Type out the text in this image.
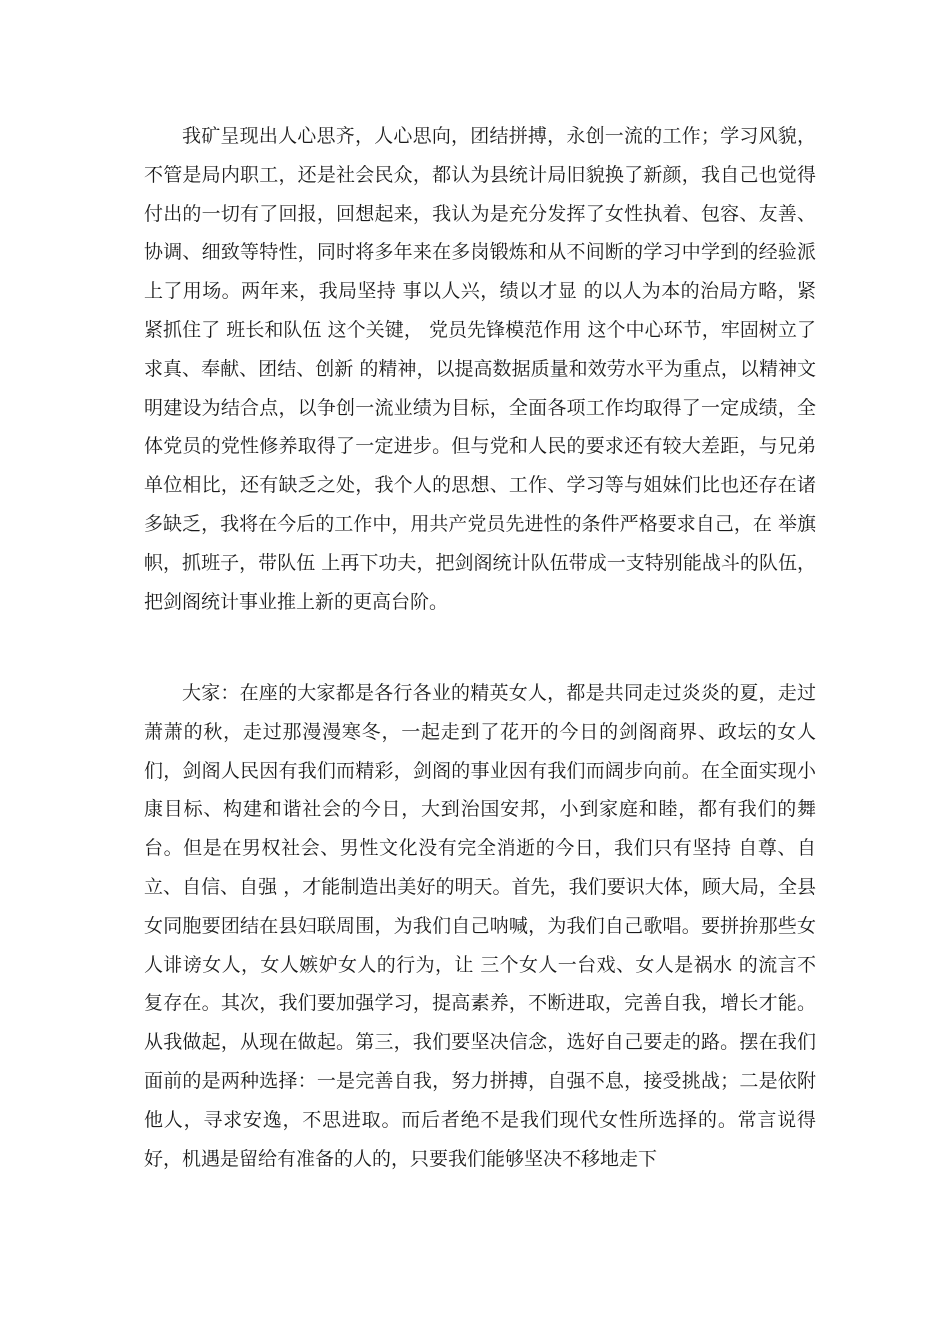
我矿呈现出人心思齐，人心思向，团结拼搏，永创一流的工作；学习风貌，不管是局内职工，还是社会民众，都认为县统计局旧貌换了新颜，我自己也觉得付出的一切有了回报，回想起来，我认为是充分发挥了女性执着、包容、友善、协调、细致等特性，同时将多年来在多岗锻炼和从不间断的学习中学到的经验派上了用场。两年来，我局坚持 事以人兴，绩以才显 的以人为本的治局方略，紧紧抓住了 班长和队伍 这个关键， 党员先锋模范作用 这个中心环节，牢固树立了 求真、奉献、团结、创新 的精神，以提高数据质量和效劳水平为重点，以精神文明建设为结合点，以争创一流业绩为目标，全面各项工作均取得了一定成绩，全体党员的党性修养取得了一定进步。但与党和人民的要求还有较大差距，与兄弟单位相比，还有缺乏之处，我个人的思想、工作、学习等与姐妹们比也还存在诸多缺乏，我将在今后的工作中，用共产党员先进性的条件严格要求自己，在 举旗帜，抓班子，带队伍 上再下功夫，把剑阁统计队伍带成一支特别能战斗的队伍，把剑阁统计事业推上新的更高台阶。

大家：在座的大家都是各行各业的精英女人，都是共同走过炎炎的夏，走过萧萧的秋，走过那漫漫寒冬，一起走到了花开的今日的剑阁商界、政坛的女人们，剑阁人民因有我们而精彩，剑阁的事业因有我们而阔步向前。在全面实现小康目标、构建和谐社会的今日，大到治国安邦，小到家庭和睦，都有我们的舞台。但是在男权社会、男性文化没有完全消逝的今日，我们只有坚持 自尊、自立、自信、自强 ，才能制造出美好的明天。首先，我们要识大体，顾大局，全县女同胞要团结在县妇联周围，为我们自己呐喊，为我们自己歌唱。要拼拚那些女人诽谤女人，女人嫉妒女人的行为，让 三个女人一台戏、女人是祸水 的流言不复存在。其次，我们要加强学习，提高素养，不断进取，完善自我，增长才能。从我做起，从现在做起。第三，我们要坚决信念，选好自己要走的路。摆在我们面前的是两种选择：一是完善自我，努力拼搏，自强不息，接受挑战；二是依附他人，寻求安逸，不思进取。而后者绝不是我们现代女性所选择的。常言说得好，机遇是留给有准备的人的，只要我们能够坚决不移地走下
